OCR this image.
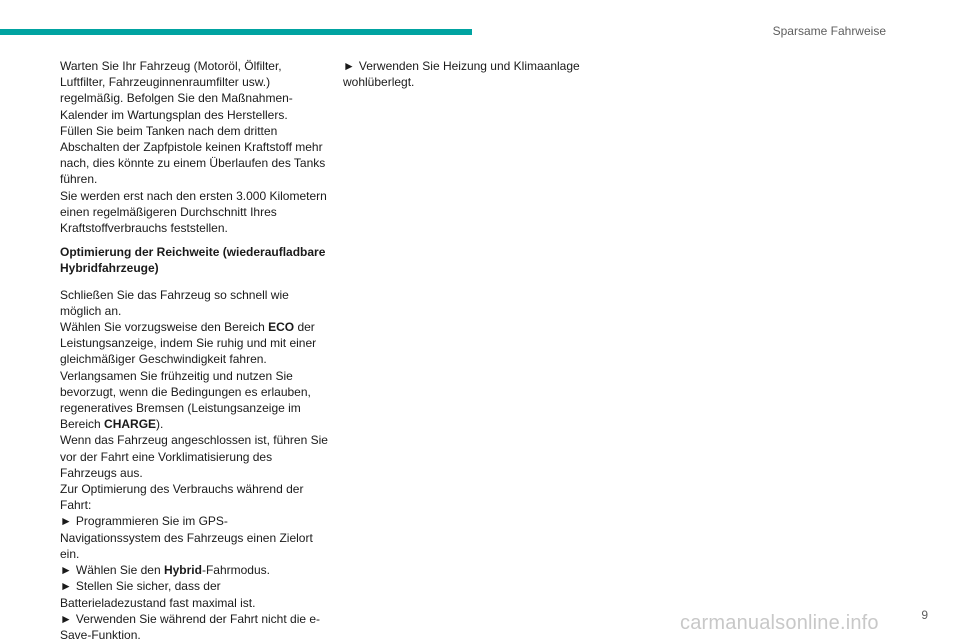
Sparsame Fahrweise
Warten Sie Ihr Fahrzeug (Motoröl, Ölfilter, Luftfilter, Fahrzeuginnenraumfilter usw.) regelmäßig. Befolgen Sie den Maßnahmen-Kalender im Wartungsplan des Herstellers.
Füllen Sie beim Tanken nach dem dritten Abschalten der Zapfpistole keinen Kraftstoff mehr nach, dies könnte zu einem Überlaufen des Tanks führen.
Sie werden erst nach den ersten 3.000 Kilometern einen regelmäßigeren Durchschnitt Ihres Kraftstoffverbrauchs feststellen.
Optimierung der Reichweite (wiederaufladbare Hybridfahrzeuge)
Schließen Sie das Fahrzeug so schnell wie möglich an.
Wählen Sie vorzugsweise den Bereich ECO der Leistungsanzeige, indem Sie ruhig und mit einer gleichmäßiger Geschwindigkeit fahren.
Verlangsamen Sie frühzeitig und nutzen Sie bevorzugt, wenn die Bedingungen es erlauben, regeneratives Bremsen (Leistungsanzeige im Bereich CHARGE).
Wenn das Fahrzeug angeschlossen ist, führen Sie vor der Fahrt eine Vorklimatisierung des Fahrzeugs aus.
Zur Optimierung des Verbrauchs während der Fahrt:
► Programmieren Sie im GPS-Navigationssystem des Fahrzeugs einen Zielort ein.
► Wählen Sie den Hybrid-Fahrmodus.
► Stellen Sie sicher, dass der Batterieladezustand fast maximal ist.
► Verwenden Sie während der Fahrt nicht die e-Save-Funktion.
► Verwenden Sie Heizung und Klimaanlage wohlüberlegt.
carmanualsonline.info	9
